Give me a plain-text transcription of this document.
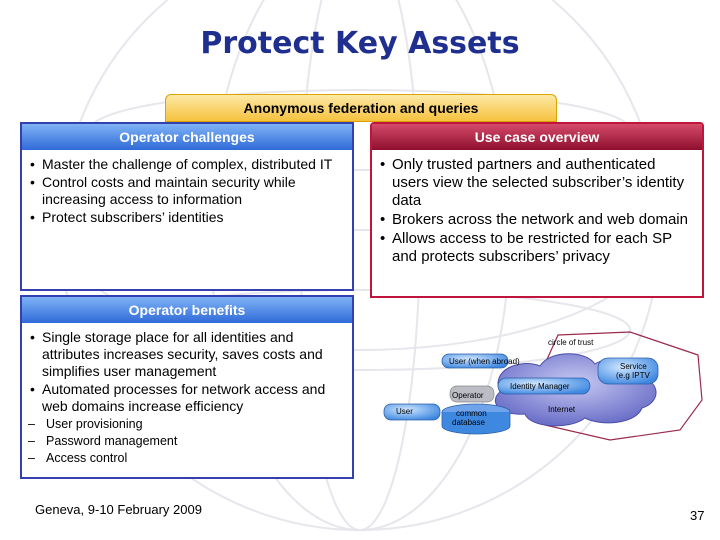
Protect Key Assets
Anonymous federation and queries
Operator challenges
• Master the challenge of complex, distributed IT
• Control costs and maintain security while increasing access to information
• Protect subscribers’ identities
Use case overview
• Only trusted partners and authenticated users view the selected subscriber’s identity data
• Brokers across the network and web domain
• Allows access to be restricted for each SP and protects subscribers’ privacy
Operator benefits
• Single storage place for all identities and attributes increases security, saves costs and simplifies user management
• Automated processes for network access and web domains increase efficiency
– User provisioning
– Password management
– Access control
circle of trust
User (when abroad)
Service (e.g IPTV
Identity Manager
Operator
User	Internet
common database
Geneva, 9-10 February 2009	37
